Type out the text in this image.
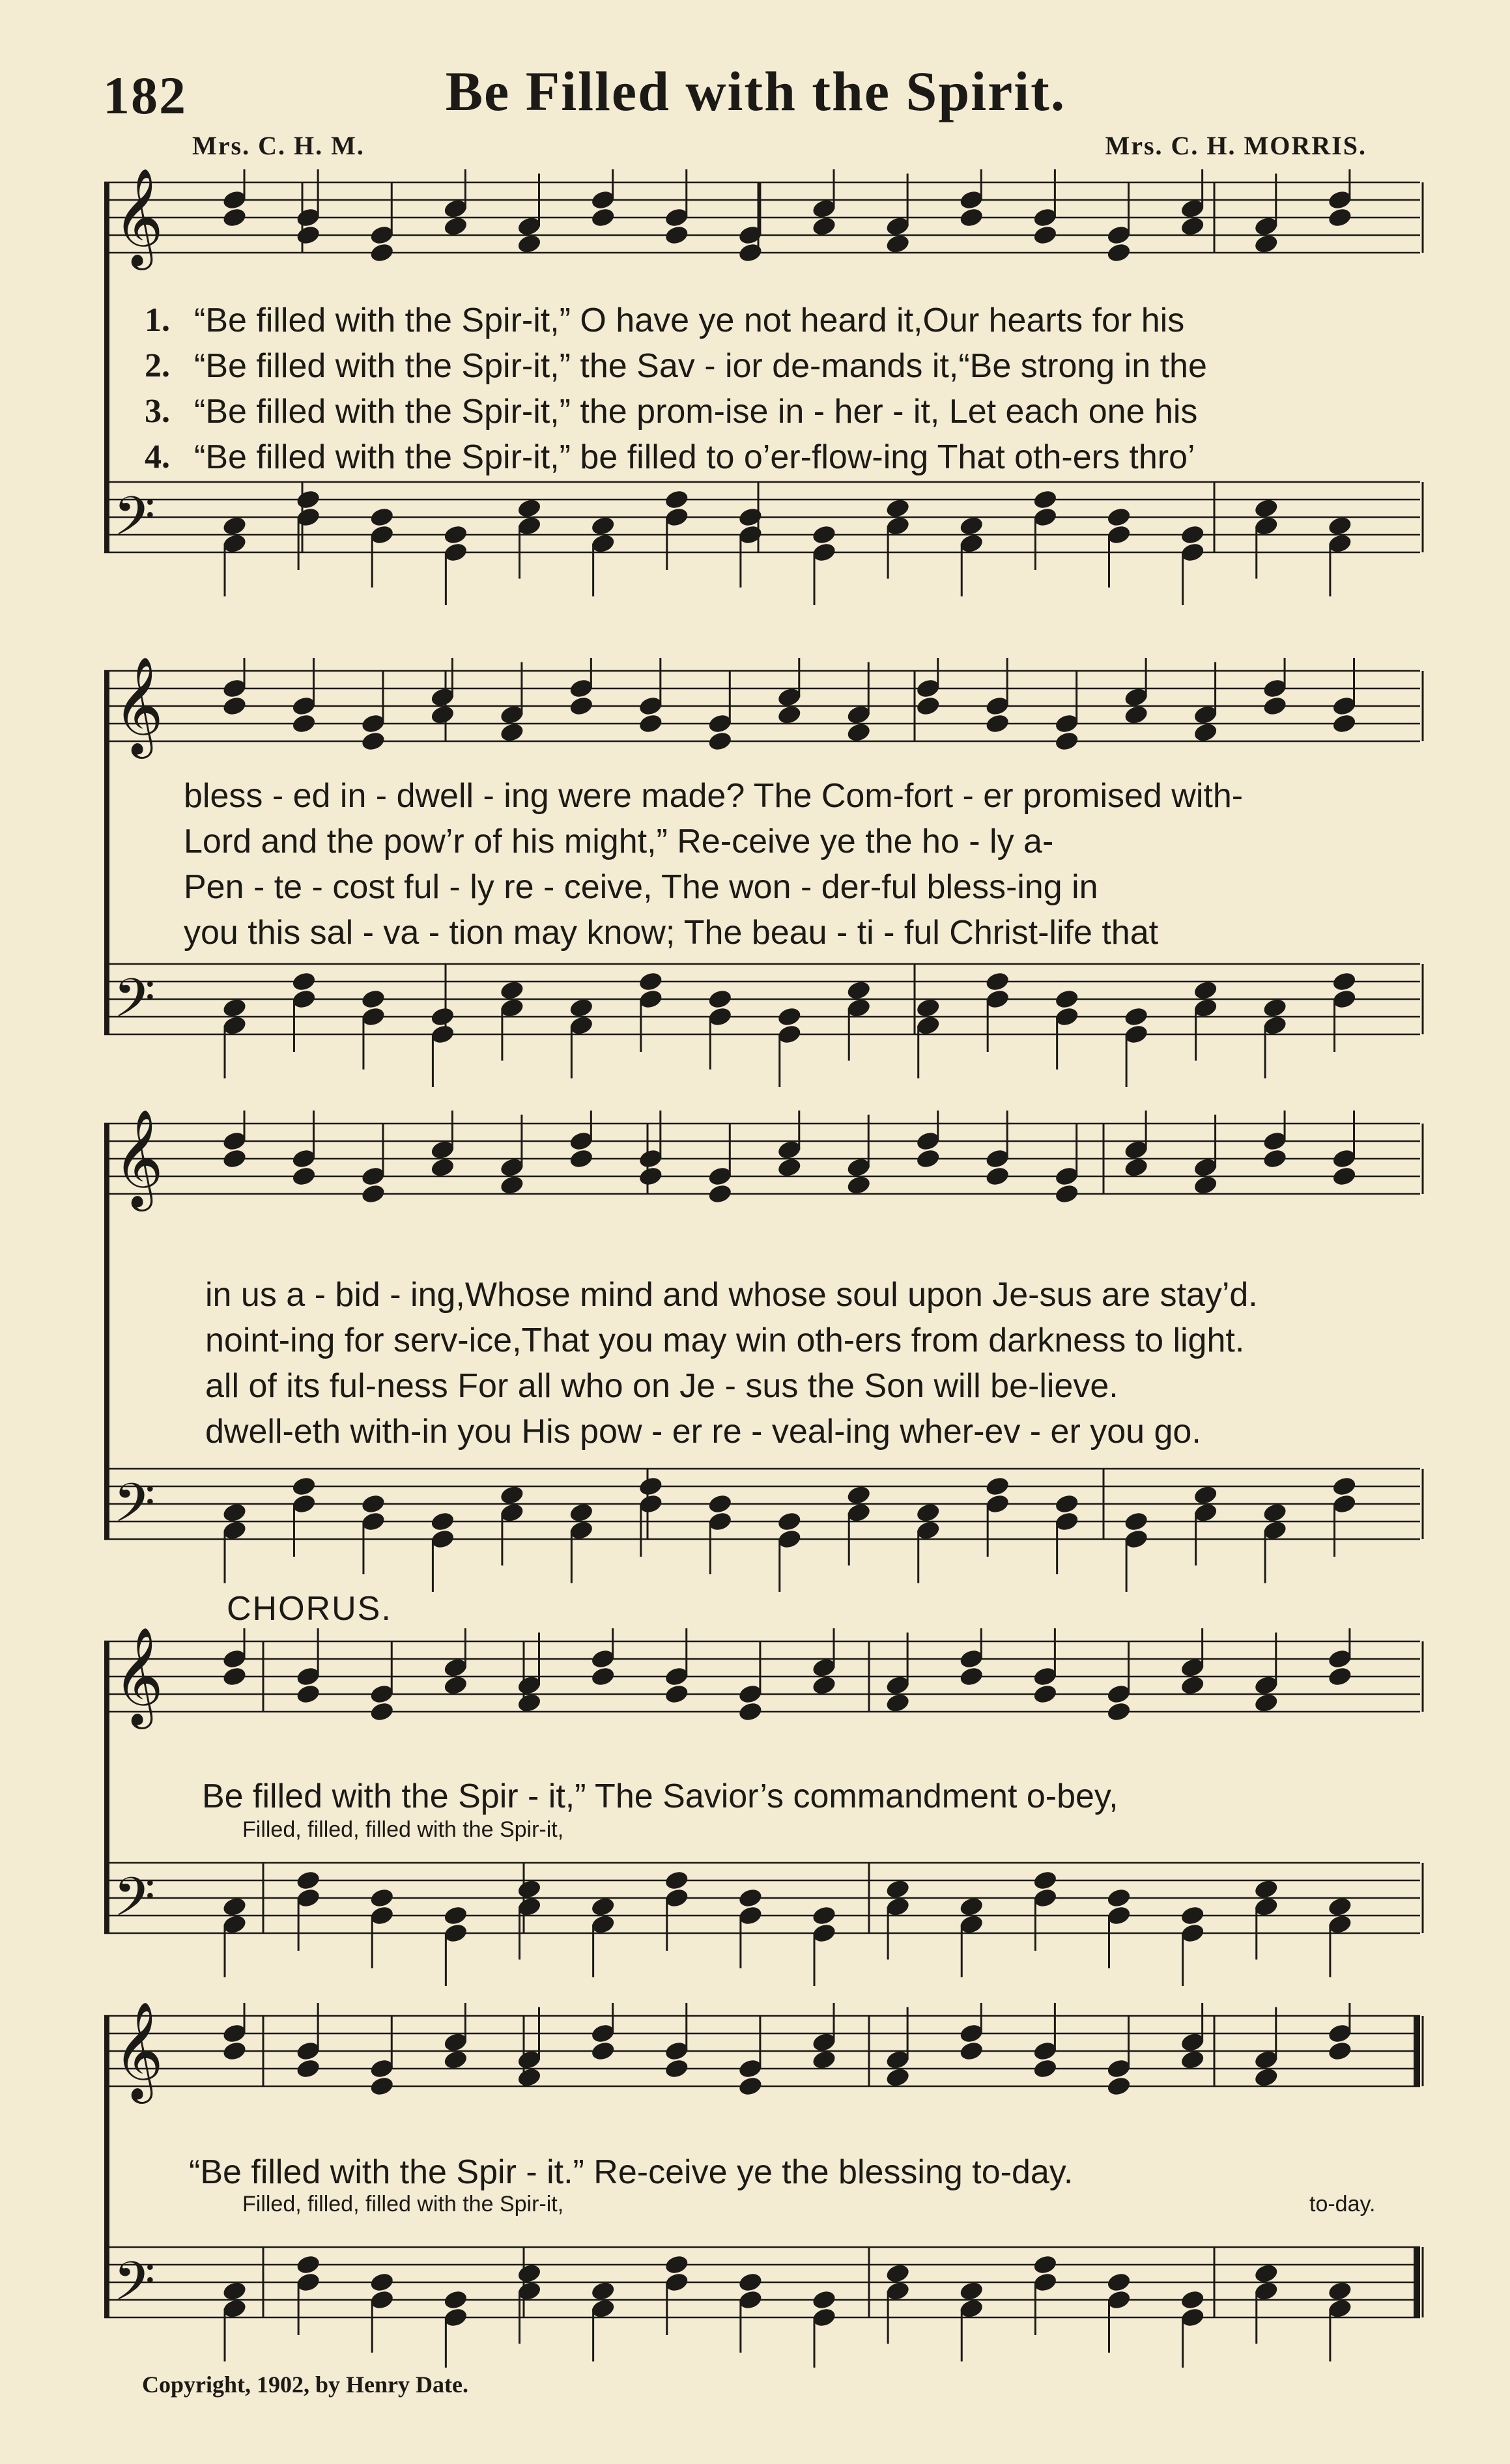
182	Be Filled with the Spirit.
Mrs. C. H. M.	Mrs. C. H. MORRIS.
𝄞
𝄢
1. “Be filled with the Spir-it,” O have ye not heard it,Our hearts for his
2. “Be filled with the Spir-it,” the Sav - ior de-mands it,“Be strong in the
3. “Be filled with the Spir-it,” the prom-ise in - her - it, Let each one his
4. “Be filled with the Spir-it,” be filled to o’er-flow-ing That oth-ers thro’
𝄞
𝄢
bless - ed in - dwell - ing were made? The Com-fort - er promised with-
Lord and the pow’r of his might,” Re-ceive ye the ho - ly a-
Pen - te - cost ful - ly re - ceive, The won - der-ful bless-ing in
you this sal - va - tion may know; The beau - ti - ful Christ-life that
𝄞
𝄢
in us a - bid - ing,Whose mind and whose soul upon Je-sus are stay’d.
noint-ing for serv-ice,That you may win oth-ers from darkness to light.
all of its ful-ness For all who on Je - sus the Son will be-lieve.
dwell-eth with-in you His pow - er re - veal-ing wher-ev - er you go.
CHORUS.
𝄞
𝄢
Be filled with the Spir - it,” The Savior’s commandment o-bey,
Filled, filled, filled with the Spir-it,
𝄞
𝄢
“Be filled with the Spir - it.” Re-ceive ye the blessing to-day.
Filled, filled, filled with the Spir-it,	to-day.
Copyright, 1902, by Henry Date.
